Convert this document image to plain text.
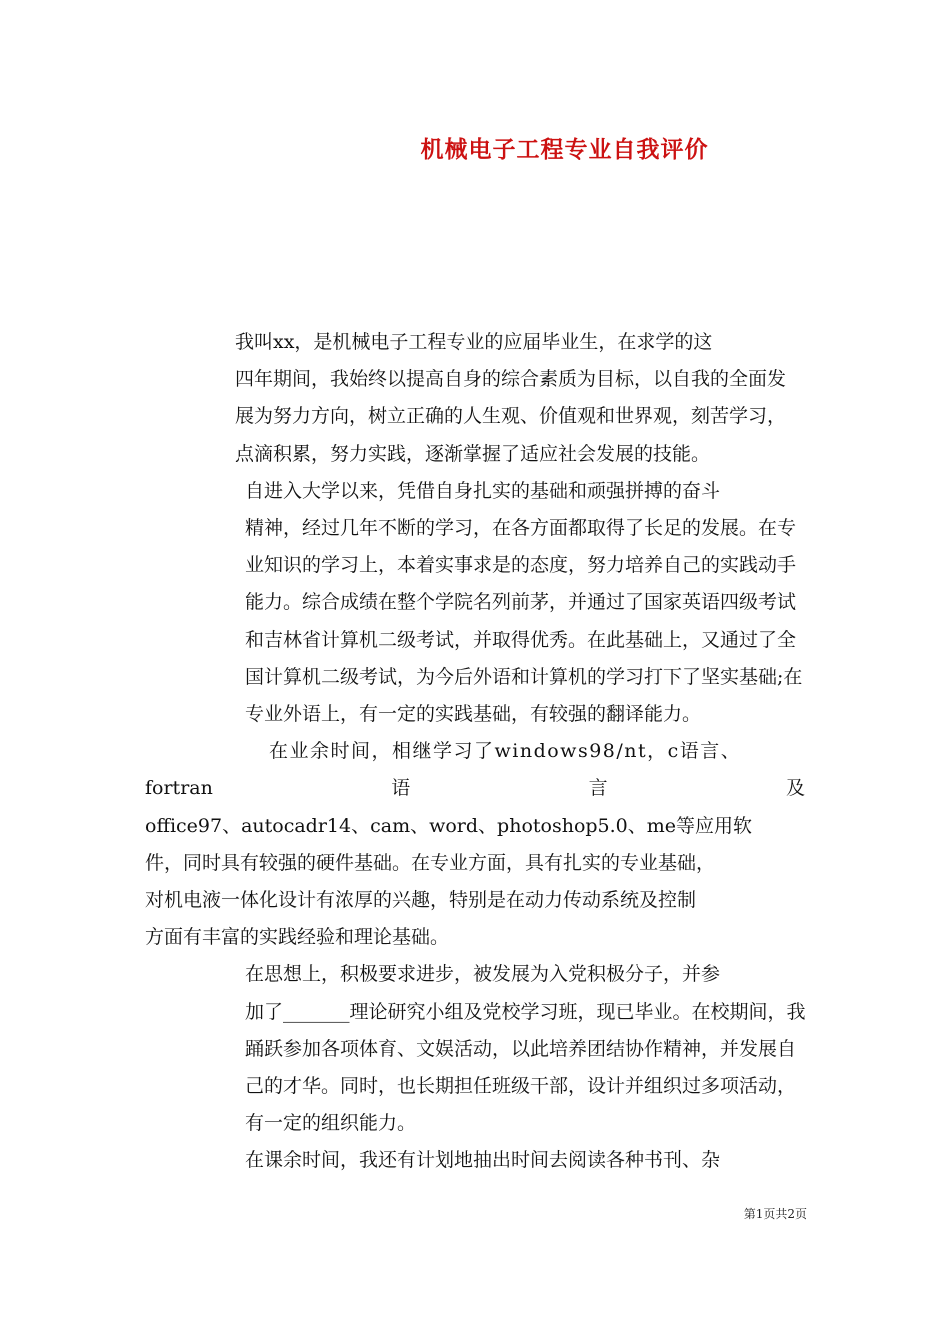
机械电子工程专业自我评价

我叫xx，是机械电子工程专业的应届毕业生，在求学的这
四年期间，我始终以提高自身的综合素质为目标，以自我的全面发
展为努力方向，树立正确的人生观、价值观和世界观，刻苦学习，
点滴积累，努力实践，逐渐掌握了适应社会发展的技能。

自进入大学以来，凭借自身扎实的基础和顽强拼搏的奋斗
精神，经过几年不断的学习，在各方面都取得了长足的发展。在专
业知识的学习上，本着实事求是的态度，努力培养自己的实践动手
能力。综合成绩在整个学院名列前茅，并通过了国家英语四级考试
和吉林省计算机二级考试，并取得优秀。在此基础上，又通过了全
国计算机二级考试，为今后外语和计算机的学习打下了坚实基础;在
专业外语上，有一定的实践基础，有较强的翻译能力。

在业余时间，相继学习了windows98/nt，c语言、

fortran	语	言	及
office97、autocadr14、cam、word、photoshop5.0、me等应用软
件，同时具有较强的硬件基础。在专业方面，具有扎实的专业基础，
对机电液一体化设计有浓厚的兴趣，特别是在动力传动系统及控制
方面有丰富的实践经验和理论基础。

在思想上，积极要求进步，被发展为入党积极分子，并参
加了_______理论研究小组及党校学习班，现已毕业。在校期间，我
踊跃参加各项体育、文娱活动，以此培养团结协作精神，并发展自
己的才华。同时，也长期担任班级干部，设计并组织过多项活动，
有一定的组织能力。

在课余时间，我还有计划地抽出时间去阅读各种书刊、杂

第1页共2页
